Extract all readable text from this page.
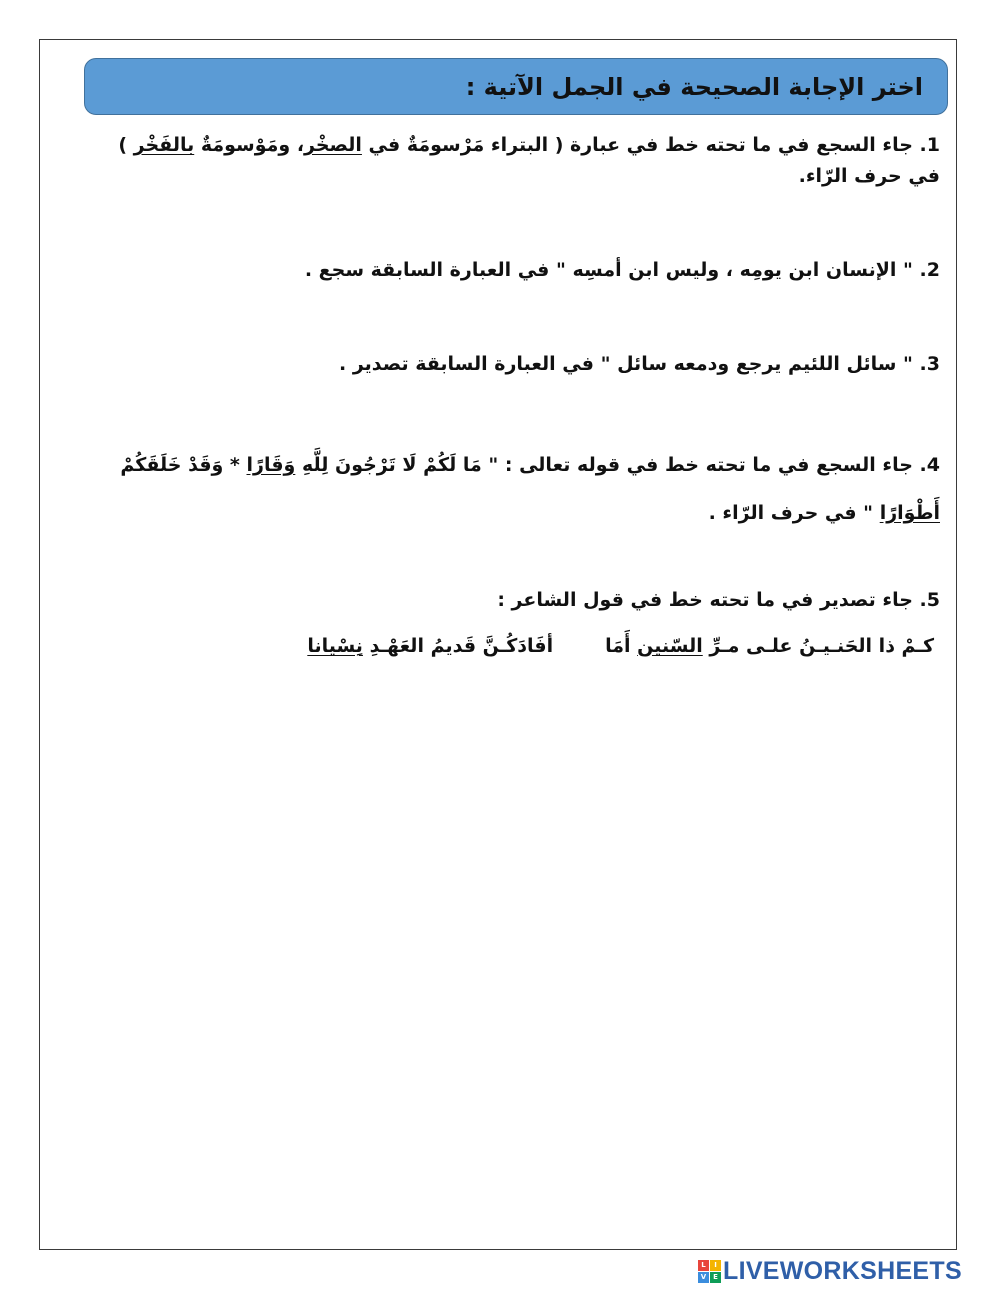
اختر الإجابة الصحيحة في الجمل الآتية :
1. جاء السجع في ما تحته خط في عبارة ( البتراء مَرْسومَةٌ في الصخْر، ومَوْسومَةٌ بالفَخْر ) في حرف الرّاء.
2. " الإنسان ابن يومِه ، وليس ابن أمسِه " في العبارة السابقة سجع .
3. " سائل اللئيم يرجع ودمعه سائل " في العبارة السابقة تصدير .
4. جاء السجع في ما تحته خط في قوله تعالى : " مَا لَكُمْ لَا تَرْجُونَ لِلَّهِ وَقَارًا * وَقَدْ خَلَقَكُمْ أَطْوَارًا " في حرف الرّاء .
5. جاء تصدير في ما تحته خط في قول الشاعر :
كـمْ ذا الحَنـيـنُ علـى مـرِّ السّنين أَمَا
أفَادَكُـنَّ قَديمُ العَهْـدِ نِسْيانا
L	I
V E LIVEWORKSHEETS
